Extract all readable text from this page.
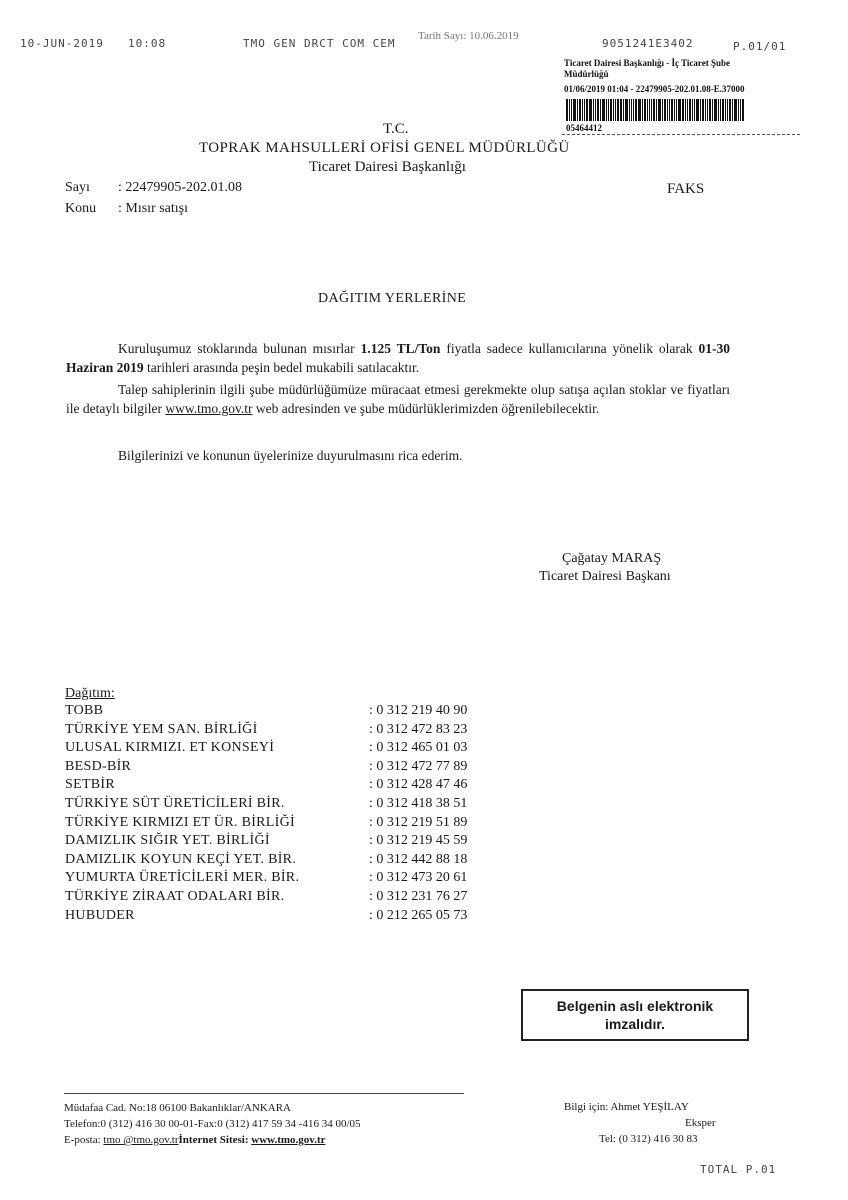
10-JUN-2019 10:08	TMO GEN DRCT COM CEM
Tarih Sayı: 10.06.2019
9051241E3402	P.01/01
Ticaret Dairesi Başkanlığı - İç Ticaret Şube
Müdürlüğü
01/06/2019 01:04 - 22479905-202.01.08-E.37000
05464412
T.C.
TOPRAK MAHSULLERİ OFİSİ GENEL MÜDÜRLÜĞÜ
Ticaret Dairesi Başkanlığı
Sayı : 22479905-202.01.08
Konu : Mısır satışı
FAKS
DAĞITIM YERLERİNE
Kuruluşumuz stoklarında bulunan mısırlar 1.125 TL/Ton fiyatla sadece kullanıcılarına yönelik olarak 01-30 Haziran 2019 tarihleri arasında peşin bedel mukabili satılacaktır.
Talep sahiplerinin ilgili şube müdürlüğümüze müracaat etmesi gerekmekte olup satışa açılan stoklar ve fiyatları ile detaylı bilgiler www.tmo.gov.tr web adresinden ve şube müdürlüklerimizden öğrenilebilecektir.
Bilgilerinizi ve konunun üyelerinize duyurulmasını rica ederim.
Çağatay MARAŞ
Ticaret Dairesi Başkanı
Dağıtım:
TOBB	: 0 312 219 40 90
TÜRKİYE YEM SAN. BİRLİĞİ	: 0 312 472 83 23
ULUSAL KIRMIZI. ET KONSEYİ	: 0 312 465 01 03
BESD-BİR	: 0 312 472 77 89
SETBİR	: 0 312 428 47 46
TÜRKİYE SÜT ÜRETİCİLERİ BİR.	: 0 312 418 38 51
TÜRKİYE KIRMIZI ET ÜR. BİRLİĞİ	: 0 312 219 51 89
DAMIZLIK SIĞIR YET. BİRLİĞİ	: 0 312 219 45 59
DAMIZLIK KOYUN KEÇİ YET. BİR.	: 0 312 442 88 18
YUMURTA ÜRETİCİLERİ MER. BİR.	: 0 312 473 20 61
TÜRKİYE ZİRAAT ODALARI BİR.	: 0 312 231 76 27
HUBUDER	: 0 212 265 05 73
Belgenin aslı elektronik
imzalıdır.
Müdafaa Cad. No:18 06100 Bakanlıklar/ANKARA
Telefon:0 (312) 416 30 00-01-Fax:0 (312) 417 59 34 -416 34 00/05
E-posta: tmo @tmo.gov.trİnternet Sitesi: www.tmo.gov.tr
Bilgi için: Ahmet YEŞİLAY
Eksper
Tel: (0 312) 416 30 83
TOTAL P.01
